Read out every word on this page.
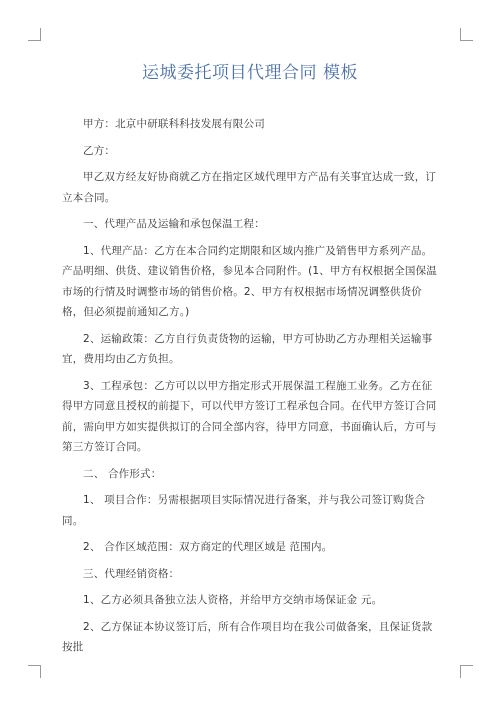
运城委托项目代理合同 模板

甲方：北京中研联科科技发展有限公司

乙方：

甲乙双方经友好协商就乙方在指定区域代理甲方产品有关事宜达成一致，订立本合同。

一、代理产品及运输和承包保温工程：

1、代理产品：乙方在本合同约定期限和区域内推广及销售甲方系列产品。产品明细、供货、建议销售价格，参见本合同附件。(1、甲方有权根据全国保温市场的行情及时调整市场的销售价格。2、甲方有权根据市场情况调整供货价格，但必须提前通知乙方。)

2、运输政策：乙方自行负责货物的运输，甲方可协助乙方办理相关运输事宜，费用均由乙方负担。

3、工程承包：乙方可以以甲方指定形式开展保温工程施工业务。乙方在征得甲方同意且授权的前提下，可以代甲方签订工程承包合同。在代甲方签订合同前，需向甲方如实提供拟订的合同全部内容，待甲方同意，书面确认后，方可与第三方签订合同。

二、 合作形式：

1、 项目合作：另需根据项目实际情况进行备案，并与我公司签订购货合同。

2、 合作区域范围：双方商定的代理区域是 范围内。

三、代理经销资格：

1、乙方必须具备独立法人资格，并给甲方交纳市场保证金 元。

2、乙方保证本协议签订后，所有合作项目均在我公司做备案，且保证货款按批
